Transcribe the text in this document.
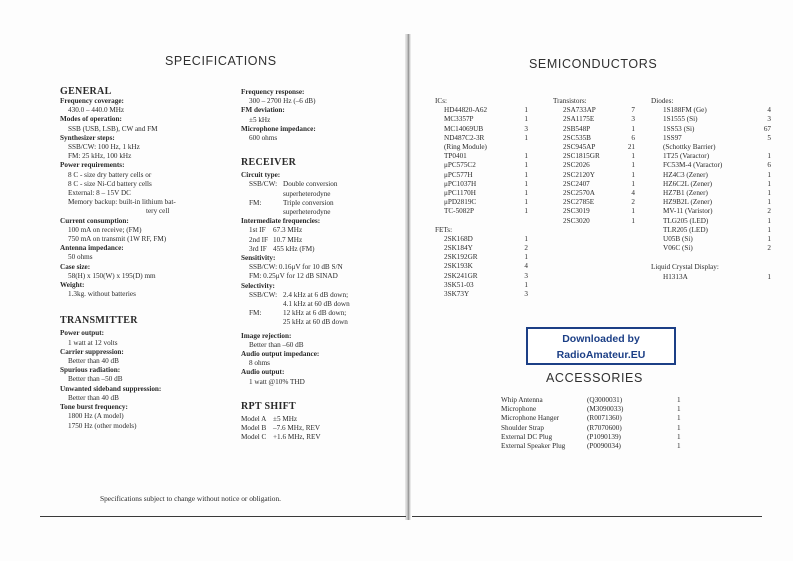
SPECIFICATIONS
GENERAL
Frequency coverage:
430.0 – 440.0 MHz
Modes of operation:
SSB (USB, LSB), CW and FM
Synthesizer steps:
SSB/CW: 100 Hz, 1 kHz
FM: 25 kHz, 100 kHz
Power requirements:
8 C - size dry battery cells or
8 C - size Ni-Cd battery cells
External: 8 – 15V DC
Memory backup: built-in lithium bat-
tery cell
Current consumption:
100 mA on receive; (FM)
750 mA on transmit (1W RF, FM)
Antenna impedance:
50 ohms
Case size:
58(H) x 150(W) x 195(D) mm
Weight:
1.3kg. without batteries
TRANSMITTER
Power output:
1 watt at 12 volts
Carrier suppression:
Better than 40 dB
Spurious radiation:
Better than –50 dB
Unwanted sideband suppression:
Better than 40 dB
Tone burst frequency:
1800 Hz (A model)
1750 Hz (other models)
Frequency response:
300 – 2700 Hz (–6 dB)
FM deviation:
±5 kHz
Microphone impedance:
600 ohms
RECEIVER
Circuit type:
SSB/CW: Double conversion
superheterodyne
FM:	Triple conversion
superheterodyne
Intermediate frequencies:
1st IF	67.3 MHz
2nd IF 10.7 MHz
3rd IF 455 kHz (FM)
Sensitivity:
SSB/CW: 0.16μV for 10 dB S/N
FM: 0.25μV for 12 dB SINAD
Selectivity:
SSB/CW: 2.4 kHz at 6 dB down;
4.1 kHz at 60 dB down
FM:	12 kHz at 6 dB down;
25 kHz at 60 dB down
Image rejection:
Better than –60 dB
Audio output impedance:
8 ohms
Audio output:
1 watt @10% THD
RPT SHIFT
Model A ±5 MHz
Model B –7.6 MHz, REV
Model C +1.6 MHz, REV
Specifications subject to change without notice or obligation.
SEMICONDUCTORS
ICs:
HD44820-A62	1
MC3357P	1
MC14069UB	3
ND487C2-3R	1
(Ring Module)	
TP0401	1
μPC575C2	1
μPC577H	1
μPC1037H	1
μPC1170H	1
μPD2819C	1
TC-5082P	1
FETs:
2SK168D	1
2SK184Y	2
2SK192GR	1
2SK193K	4
2SK241GR	3
3SK51-03	1
3SK73Y	3
Transistors:
2SA733AP	7
2SA1175E	3
2SB548P	1
2SC535B	6
2SC945AP	21
2SC1815GR	1
2SC2026	1
2SC2120Y	1
2SC2407	1
2SC2570A	4
2SC2785E	2
2SC3019	1
2SC3020	1
Diodes:
1S188FM (Ge)	4
1S1555 (Si)	3
1SS53 (Si)	67
1SS97	5
(Schottky Barrier)	
1T25 (Varactor)	1
FC53M-4 (Varactor)	6
HZ4C3 (Zener)	1
HZ6C2L (Zener)	1
HZ7B1 (Zener)	1
HZ9B2L (Zener)	1
MV-11 (Varistor)	2
TLG205 (LED)	1
TLR205 (LED)	1
U05B (Si)	1
V06C (Si)	2
Liquid Crystal Display:
H1313A	1
Downloaded by
RadioAmateur.EU
ACCESSORIES
Whip Antenna	(Q3000031)	1
Microphone	(M3090033)	1
Microphone Hanger	(R0071360)	1
Shoulder Strap	(R7070600)	1
External DC Plug	(P1090139)	1
External Speaker Plug	(P0090034)	1
